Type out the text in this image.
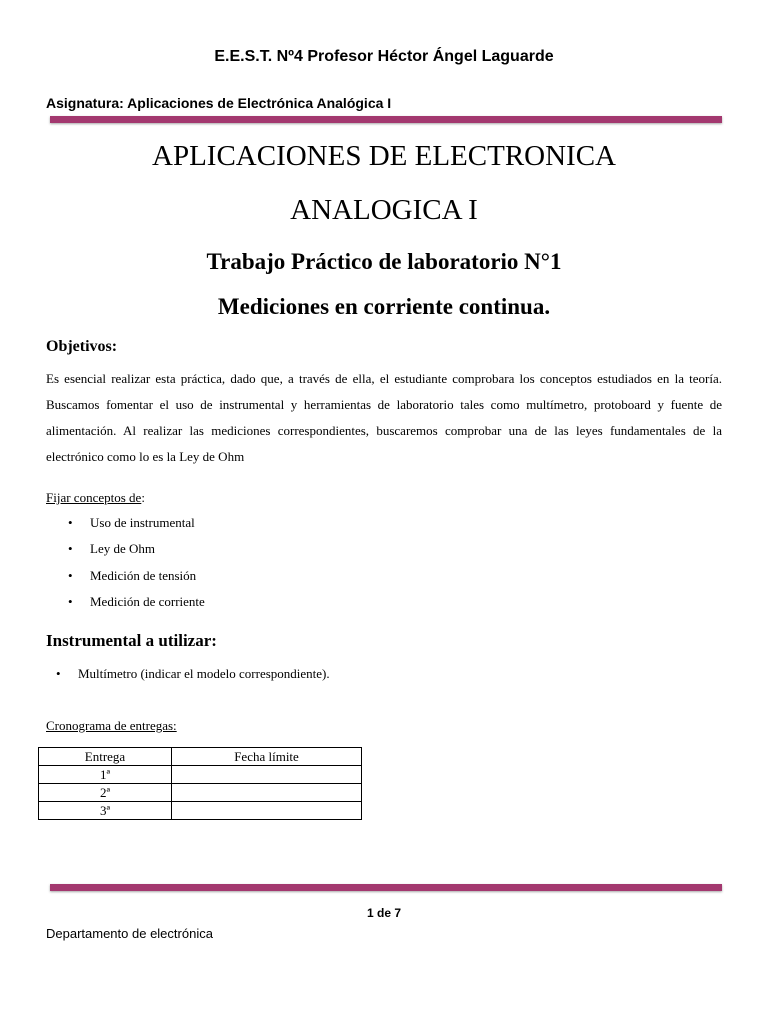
E.E.S.T. Nº4 Profesor Héctor Ángel Laguarde
Asignatura: Aplicaciones de Electrónica Analógica I
APLICACIONES DE ELECTRONICA
ANALOGICA I
Trabajo Práctico de laboratorio N°1
Mediciones en corriente continua.
Objetivos:
Es esencial realizar esta práctica, dado que, a través de ella, el estudiante comprobara los conceptos estudiados en la teoría. Buscamos fomentar el uso de instrumental y herramientas de laboratorio tales como multímetro, protoboard y fuente de alimentación. Al realizar las mediciones correspondientes, buscaremos comprobar una de las leyes fundamentales de la electrónico como lo es la Ley de Ohm
Fijar conceptos de:
• Uso de instrumental
• Ley de Ohm
• Medición de tensión
• Medición de corriente
Instrumental a utilizar:
• Multímetro (indicar el modelo correspondiente).
Cronograma de entregas:
Entrega	Fecha límite
1ª	
2ª	
3ª	
1 de 7
Departamento de electrónica
